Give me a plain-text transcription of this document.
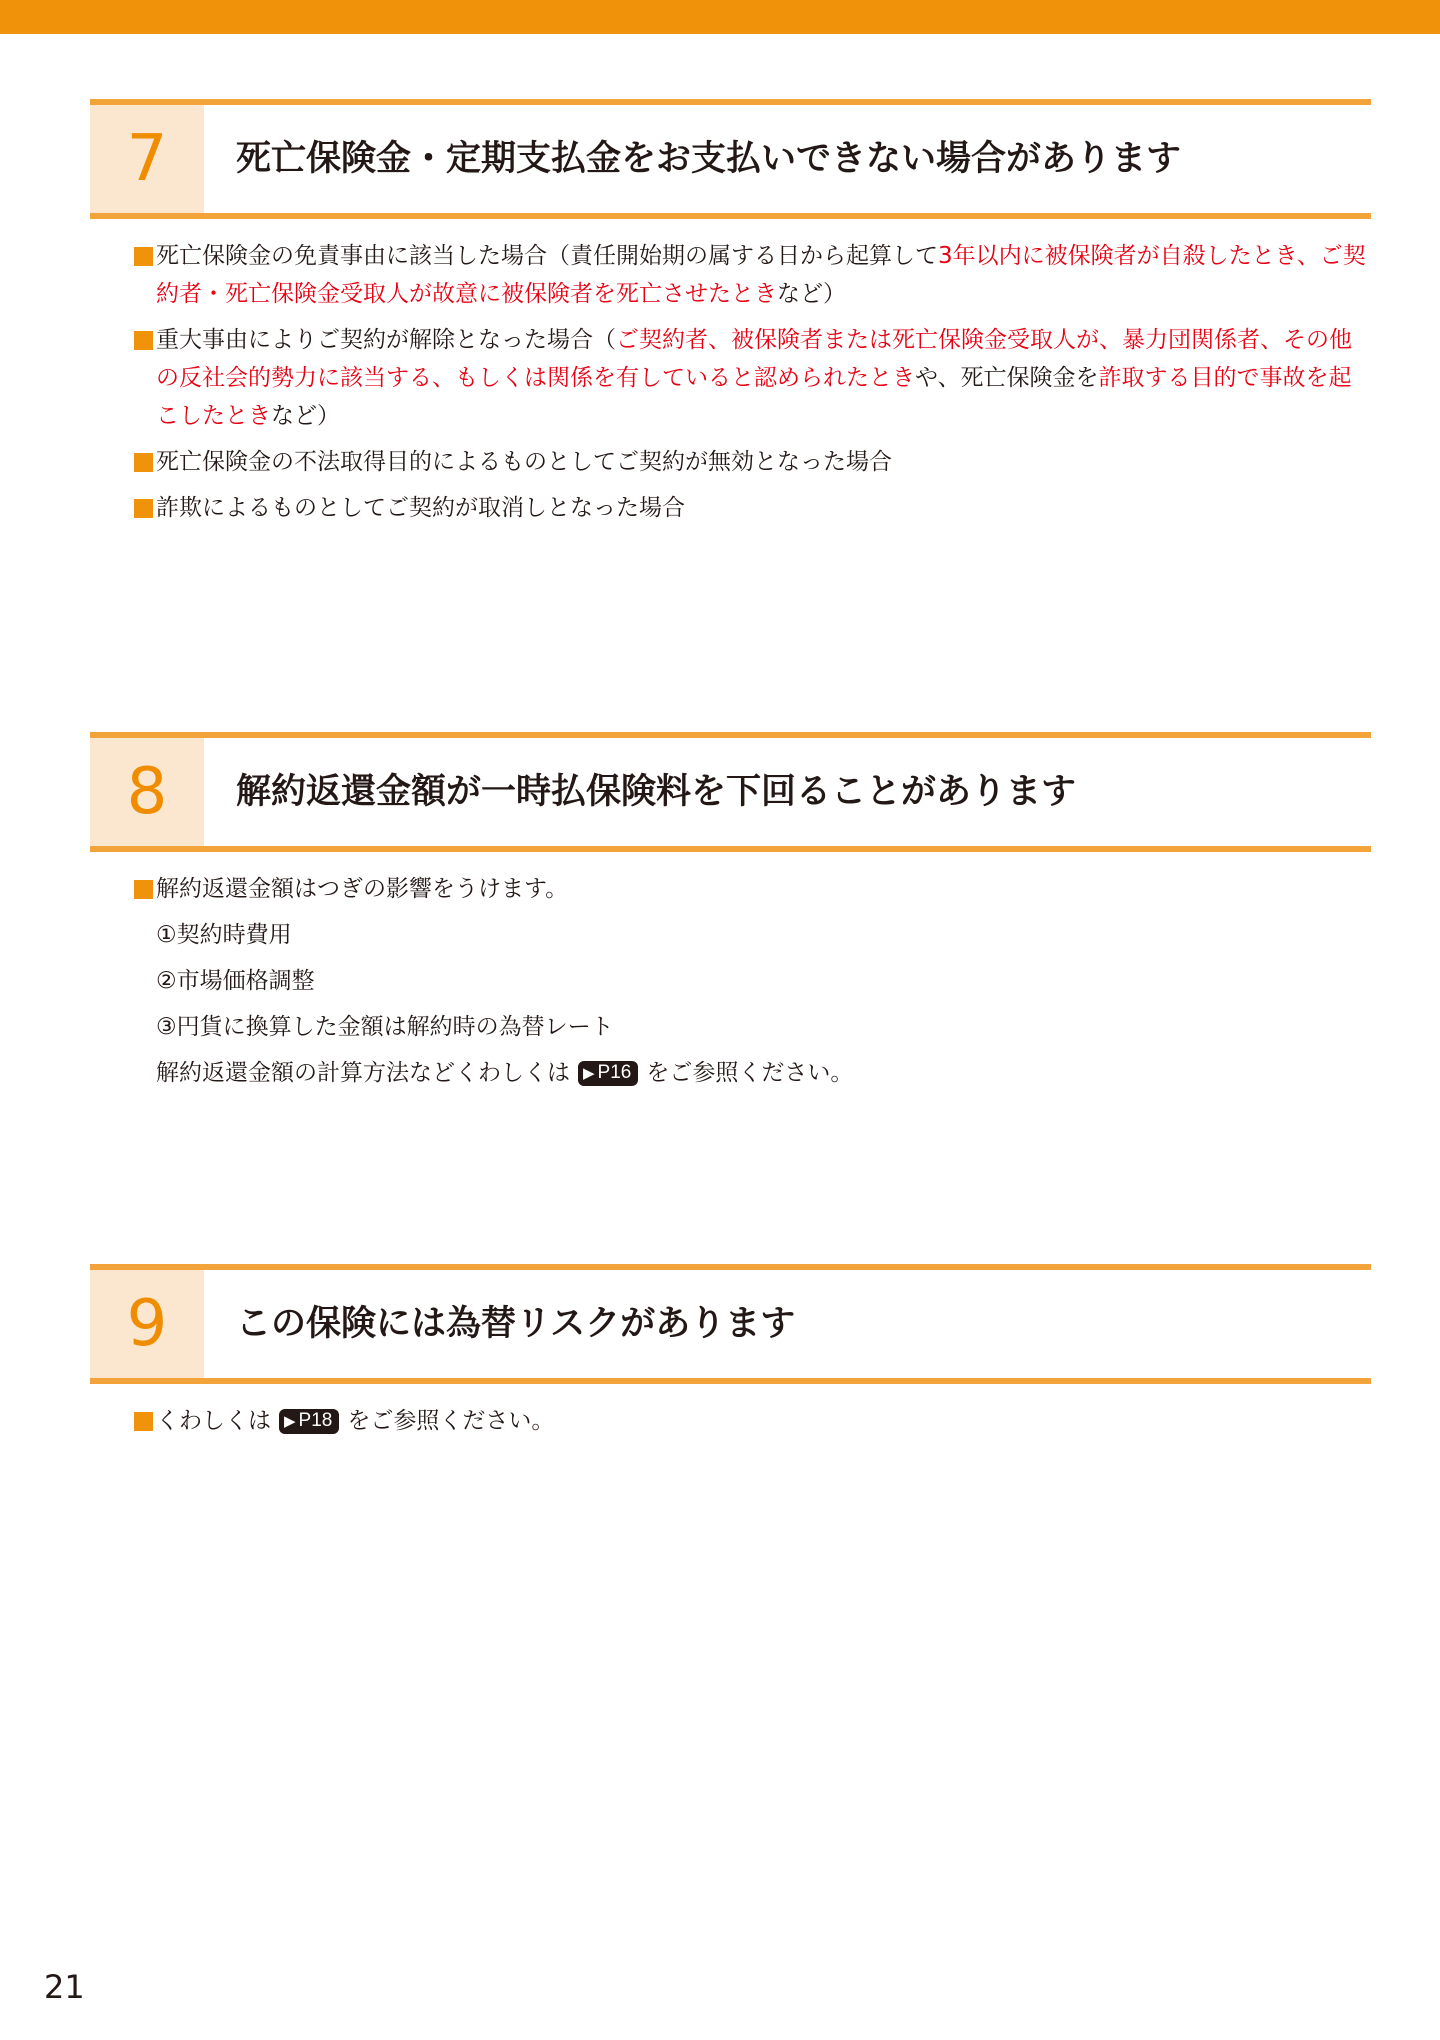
7	死亡保険金・定期支払金をお支払いできない場合があります
死亡保険金の免責事由に該当した場合（責任開始期の属する日から起算して3年以内に被保険者が自殺したとき、ご契約者・死亡保険金受取人が故意に被保険者を死亡させたときなど）
重大事由によりご契約が解除となった場合（ご契約者、被保険者または死亡保険金受取人が、暴力団関係者、その他の反社会的勢力に該当する、もしくは関係を有していると認められたときや、死亡保険金を詐取する目的で事故を起こしたときなど）
死亡保険金の不法取得目的によるものとしてご契約が無効となった場合
詐欺によるものとしてご契約が取消しとなった場合
8	解約返還金額が一時払保険料を下回ることがあります
解約返還金額はつぎの影響をうけます。
①契約時費用
②市場価格調整
③円貨に換算した金額は解約時の為替レート
解約返還金額の計算方法などくわしくは ▶ P16 をご参照ください。
9	この保険には為替リスクがあります
くわしくは ▶ P18 をご参照ください。
21
